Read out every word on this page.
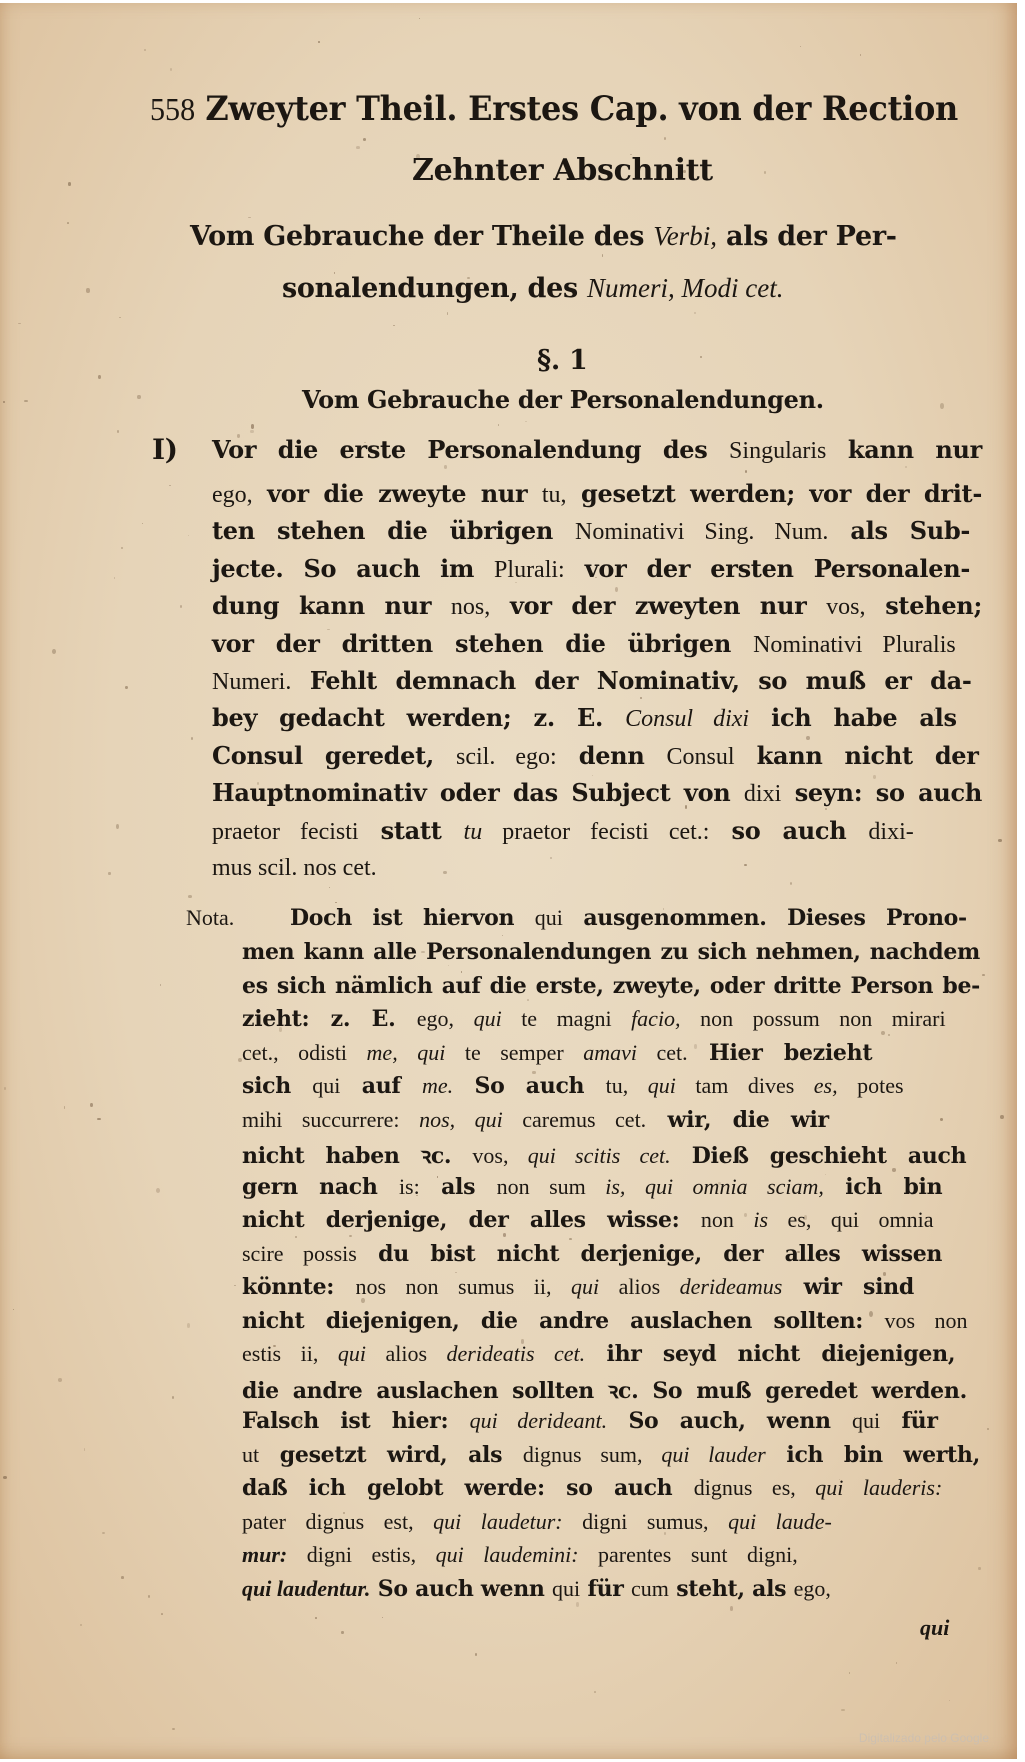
558 Zweyter Theil. Erstes Cap. von der Rection
Zehnter Abschnitt
Vom Gebrauche der Theile des Verbi, als der Per-
sonalendungen, des Numeri, Modi cet.
§. 1
Vom Gebrauche der Personalendungen.
I) Vor die erste Personalendung des Singularis kann nur
ego, vor die zweyte nur tu, gesetzt werden; vor der drit-
ten stehen die übrigen Nominativi Sing. Num. als Sub-
jecte. So auch im Plurali: vor der ersten Personalen-
dung kann nur nos, vor der zweyten nur vos, stehen;
vor der dritten stehen die übrigen Nominativi Pluralis
Numeri. Fehlt demnach der Nominativ, so muß er da-
bey gedacht werden; z. E. Consul dixi ich habe als
Consul geredet, scil. ego: denn Consul kann nicht der
Hauptnominativ oder das Subject von dixi seyn: so auch
praetor fecisti statt tu praetor fecisti cet.: so auch dixi-
mus scil. nos cet.
Nota.	Doch ist hiervon qui ausgenommen. Dieses Prono-
men kann alle Personalendungen zu sich nehmen, nachdem
es sich nämlich auf die erste, zweyte, oder dritte Person be-
zieht: z. E. ego, qui te magni facio, non possum non mirari
cet., odisti me, qui te semper amavi cet. Hier bezieht
sich qui auf me. So auch tu, qui tam dives es, potes
mihi succurrere: nos, qui caremus cet. wir, die wir
nicht haben ꝛc. vos, qui scitis cet. Dieß geschieht auch
gern nach is: als non sum is, qui omnia sciam, ich bin
nicht derjenige, der alles wisse: non is es, qui omnia
scire possis du bist nicht derjenige, der alles wissen
könnte: nos non sumus ii, qui alios derideamus wir sind
nicht diejenigen, die andre auslachen sollten: vos non
estis ii, qui alios derideatis cet. ihr seyd nicht diejenigen,
die andre auslachen sollten ꝛc. So muß geredet werden.
Falsch ist hier: qui derideant. So auch, wenn qui für
ut gesetzt wird, als dignus sum, qui lauder ich bin werth,
daß ich gelobt werde: so auch dignus es, qui lauderis:
pater dignus est, qui laudetur: digni sumus, qui laude-
mur: digni estis, qui laudemini: parentes sunt digni,
qui laudentur. So auch wenn qui für cum steht, als ego,
qui
Digitalizado pelo Google
